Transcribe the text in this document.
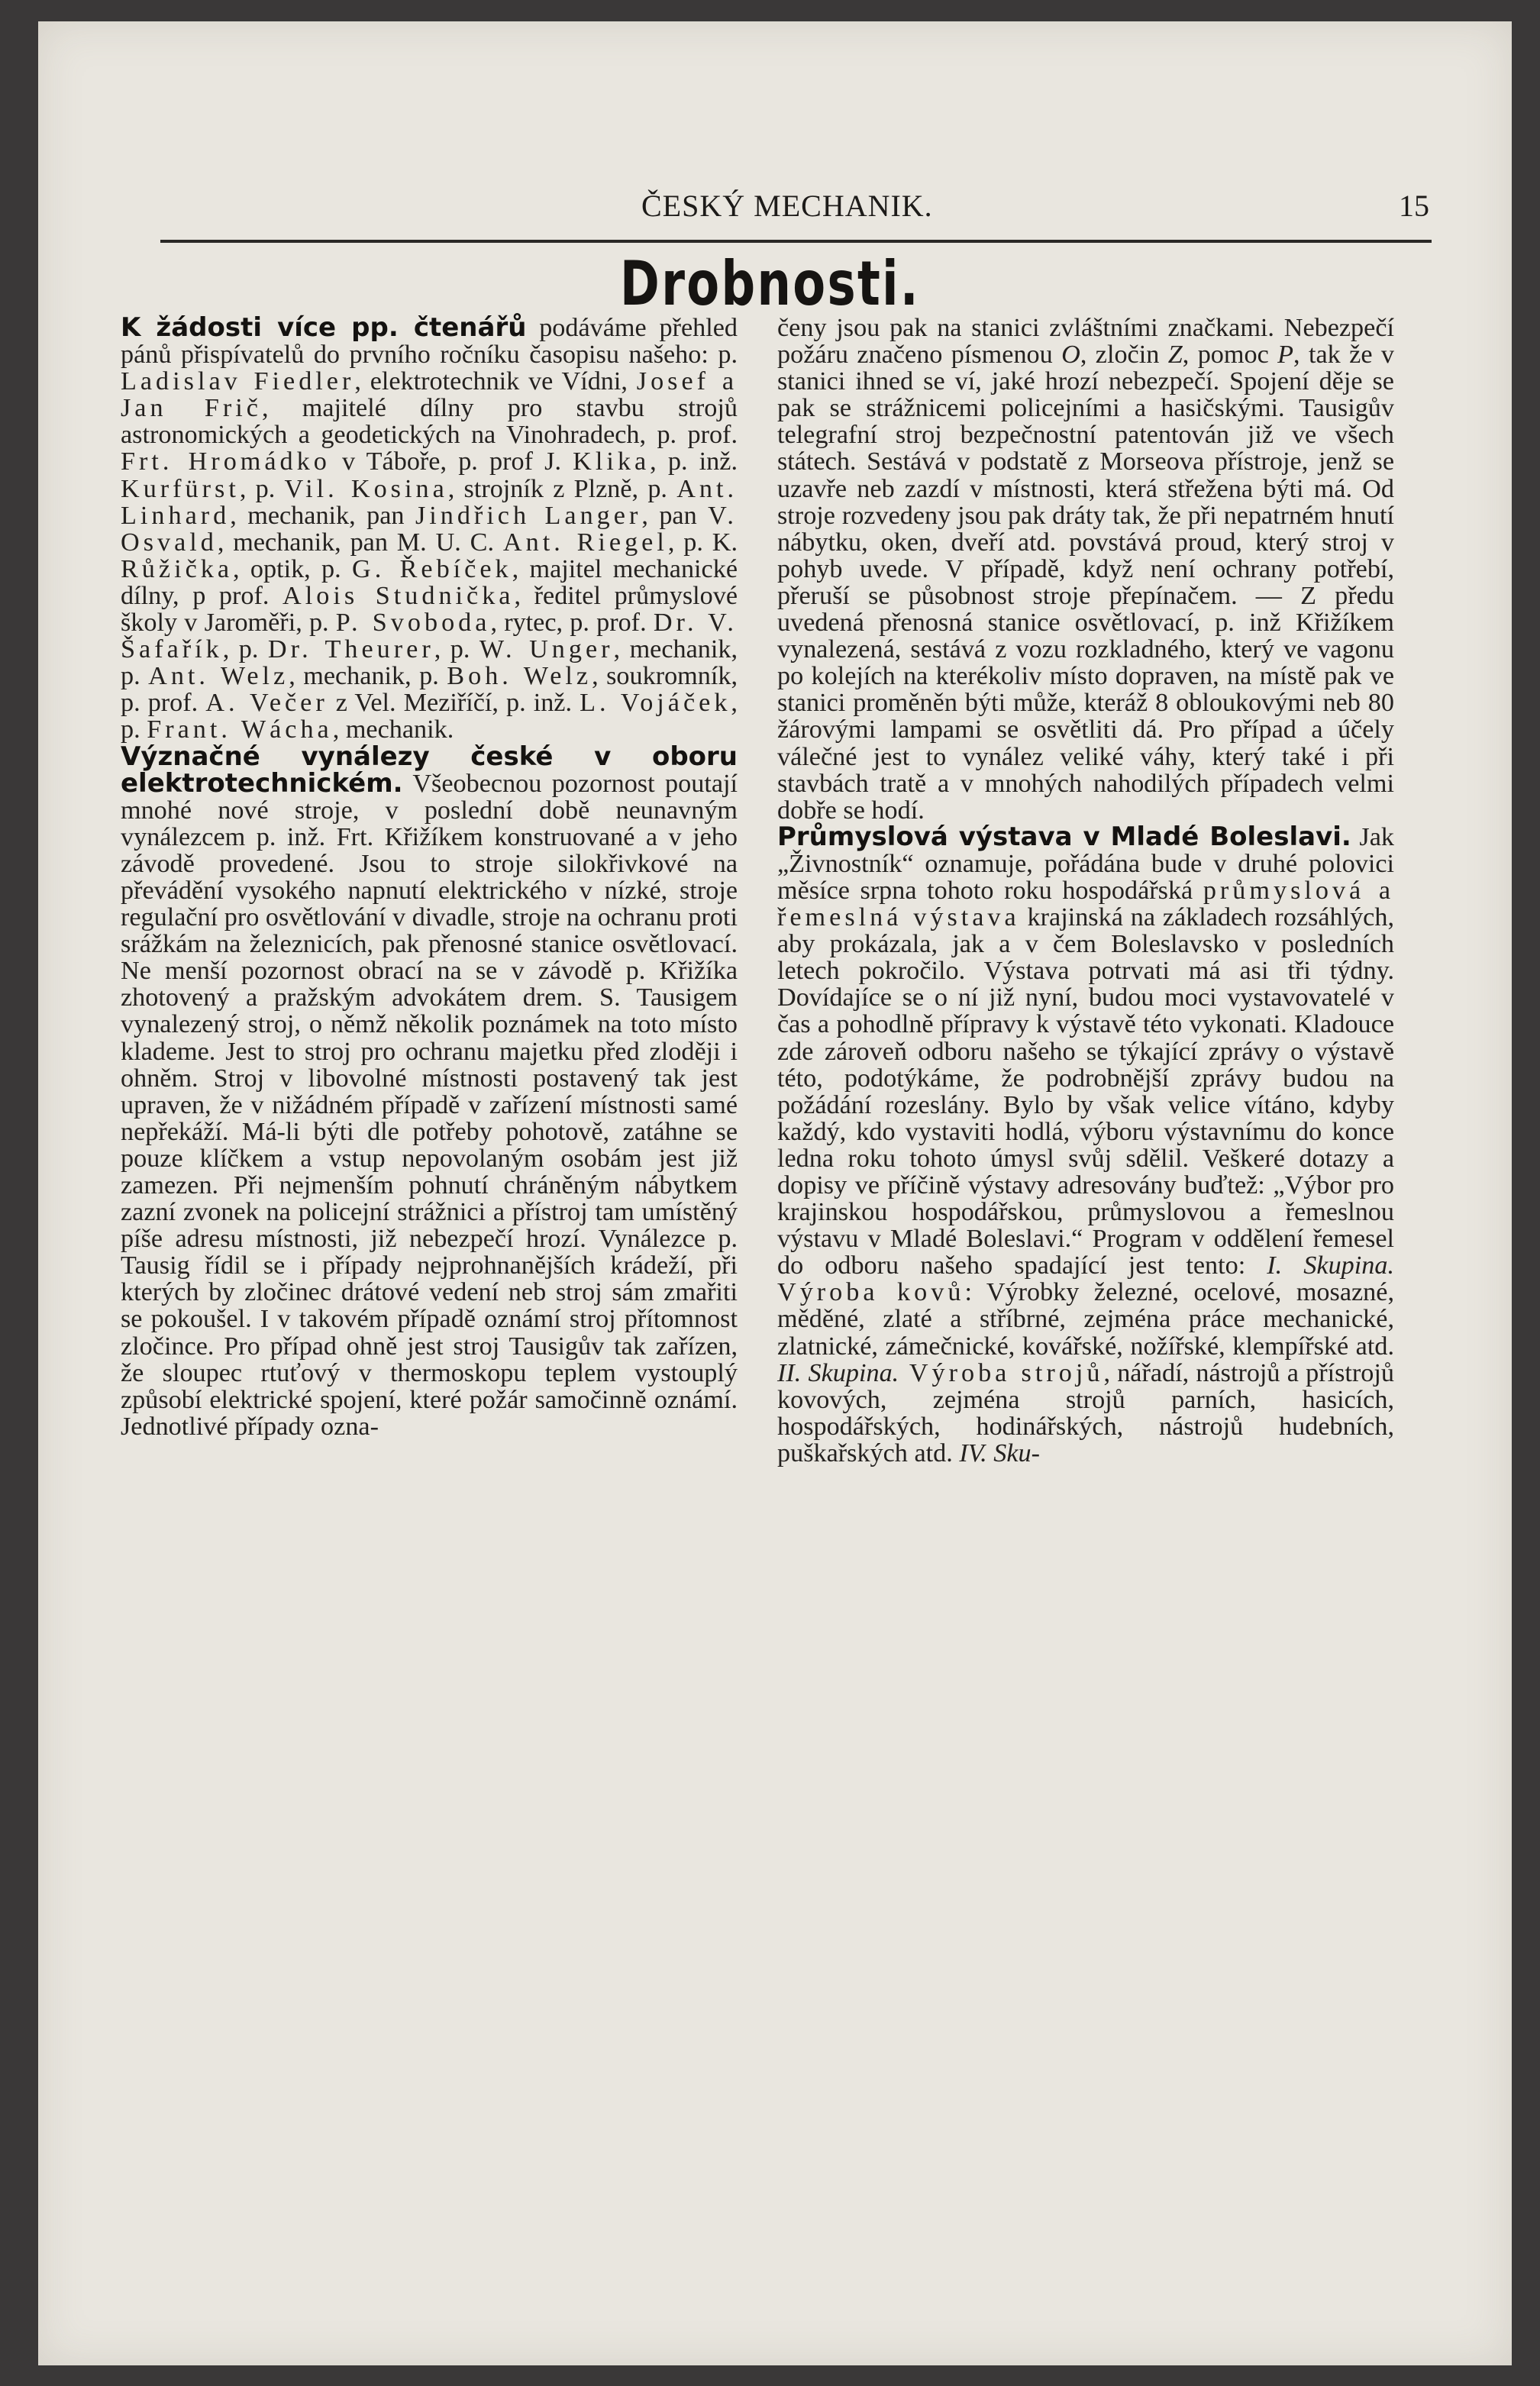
ČESKÝ MECHANIK.	15
Drobnosti.

K žádosti více pp. čtenářů podáváme přehled pánů přispívatelů do prvního ročníku časopisu našeho: p. Ladislav Fiedler, elektrotechnik ve Vídni, Josef a Jan Frič, majitelé dílny pro stavbu strojů astronomických a geodetických na Vinohradech, p. prof. Frt. Hromádko v Táboře, p. prof J. Klika, p. inž. Kurfürst, p. Vil. Kosina, strojník z Plzně, p. Ant. Linhard, mechanik, pan Jindřich Langer, pan V. Osvald, mechanik, pan M. U. C. Ant. Riegel, p. K. Růžička, optik, p. G. Řebíček, majitel mechanické dílny, p prof. Alois Studnička, ředitel průmyslové školy v Jaroměři, p. P. Svoboda, rytec, p. prof. Dr. V. Šafařík, p. Dr. Theurer, p. W. Unger, mechanik, p. Ant. Welz, mechanik, p. Boh. Welz, soukromník, p. prof. A. Večer z Vel. Meziříčí, p. inž. L. Vojáček, p. Frant. Wácha, mechanik.

Význačné vynálezy české v oboru elektrotechnickém. Všeobecnou pozornost poutají mnohé nové stroje, v poslední době neunavným vynálezcem p. inž. Frt. Křižíkem konstruované a v jeho závodě provedené. Jsou to stroje silokřivkové na převádění vysokého napnutí elektrického v nízké, stroje regulační pro osvětlování v divadle, stroje na ochranu proti srážkám na železnicích, pak přenosné stanice osvětlovací. Ne menší pozornost obrací na se v závodě p. Křižíka zhotovený a pražským advokátem drem. S. Tausigem vynalezený stroj, o němž několik poznámek na toto místo klademe. Jest to stroj pro ochranu majetku před zloději i ohněm. Stroj v libovolné místnosti postavený tak jest upraven, že v nižádném případě v zařízení místnosti samé nepřekáží. Má-li býti dle potřeby pohotově, zatáhne se pouze klíčkem a vstup nepovolaným osobám jest již zamezen. Při nejmenším pohnutí chráněným nábytkem zazní zvonek na policejní strážnici a přístroj tam umístěný píše adresu místnosti, již nebezpečí hrozí. Vynálezce p. Tausig řídil se i případy nejprohnanějších krádeží, při kterých by zločinec drátové vedení neb stroj sám zmařiti se pokoušel. I v takovém případě oznámí stroj přítomnost zločince. Pro případ ohně jest stroj Tausigův tak zařízen, že sloupec rtuťový v thermoskopu teplem vystouplý způsobí elektrické spojení, které požár samočinně oznámí. Jednotlivé případy ozna-

čeny jsou pak na stanici zvláštními značkami. Nebezpečí požáru značeno písmenou O, zločin Z, pomoc P, tak že v stanici ihned se ví, jaké hrozí nebezpečí. Spojení děje se pak se strážnicemi policejními a hasičskými. Tausigův telegrafní stroj bezpečnostní patentován již ve všech státech. Sestává v podstatě z Morseova přístroje, jenž se uzavře neb zazdí v místnosti, která střežena býti má. Od stroje rozvedeny jsou pak dráty tak, že při nepatrném hnutí nábytku, oken, dveří atd. povstává proud, který stroj v pohyb uvede. V případě, když není ochrany potřebí, přeruší se působnost stroje přepínačem. — Z předu uvedená přenosná stanice osvětlovací, p. inž Křižíkem vynalezená, sestává z vozu rozkladného, který ve vagonu po kolejích na kterékoliv místo dopraven, na místě pak ve stanici proměněn býti může, kteráž 8 obloukovými neb 80 žárovými lampami se osvětliti dá. Pro případ a účely válečné jest to vynález veliké váhy, který také i při stavbách tratě a v mnohých nahodilých případech velmi dobře se hodí.

Průmyslová výstava v Mladé Boleslavi. Jak „Živnostník“ oznamuje, pořádána bude v druhé polovici měsíce srpna tohoto roku hospodářská průmyslová a řemeslná výstava krajinská na základech rozsáhlých, aby prokázala, jak a v čem Boleslavsko v posledních letech pokročilo. Výstava potrvati má asi tři týdny. Dovídajíce se o ní již nyní, budou moci vystavovatelé v čas a pohodlně přípravy k výstavě této vykonati. Kladouce zde zároveň odboru našeho se týkající zprávy o výstavě této, podotýkáme, že podrobnější zprávy budou na požádání rozeslány. Bylo by však velice vítáno, kdyby každý, kdo vystaviti hodlá, výboru výstavnímu do konce ledna roku tohoto úmysl svůj sdělil. Veškeré dotazy a dopisy ve příčině výstavy adresovány buďtež: „Výbor pro krajinskou hospodářskou, průmyslovou a řemeslnou výstavu v Mladé Boleslavi.“ Program v oddělení řemesel do odboru našeho spadající jest tento: I. Skupina. Výroba kovů: Výrobky železné, ocelové, mosazné, měděné, zlaté a stříbrné, zejména práce mechanické, zlatnické, zámečnické, kovářské, nožířské, klempířské atd. II. Skupina. Výroba strojů, nářadí, nástrojů a přístrojů kovových, zejména strojů parních, hasicích, hospodářských, hodinářských, nástrojů hudebních, puškařských atd. IV. Sku-
